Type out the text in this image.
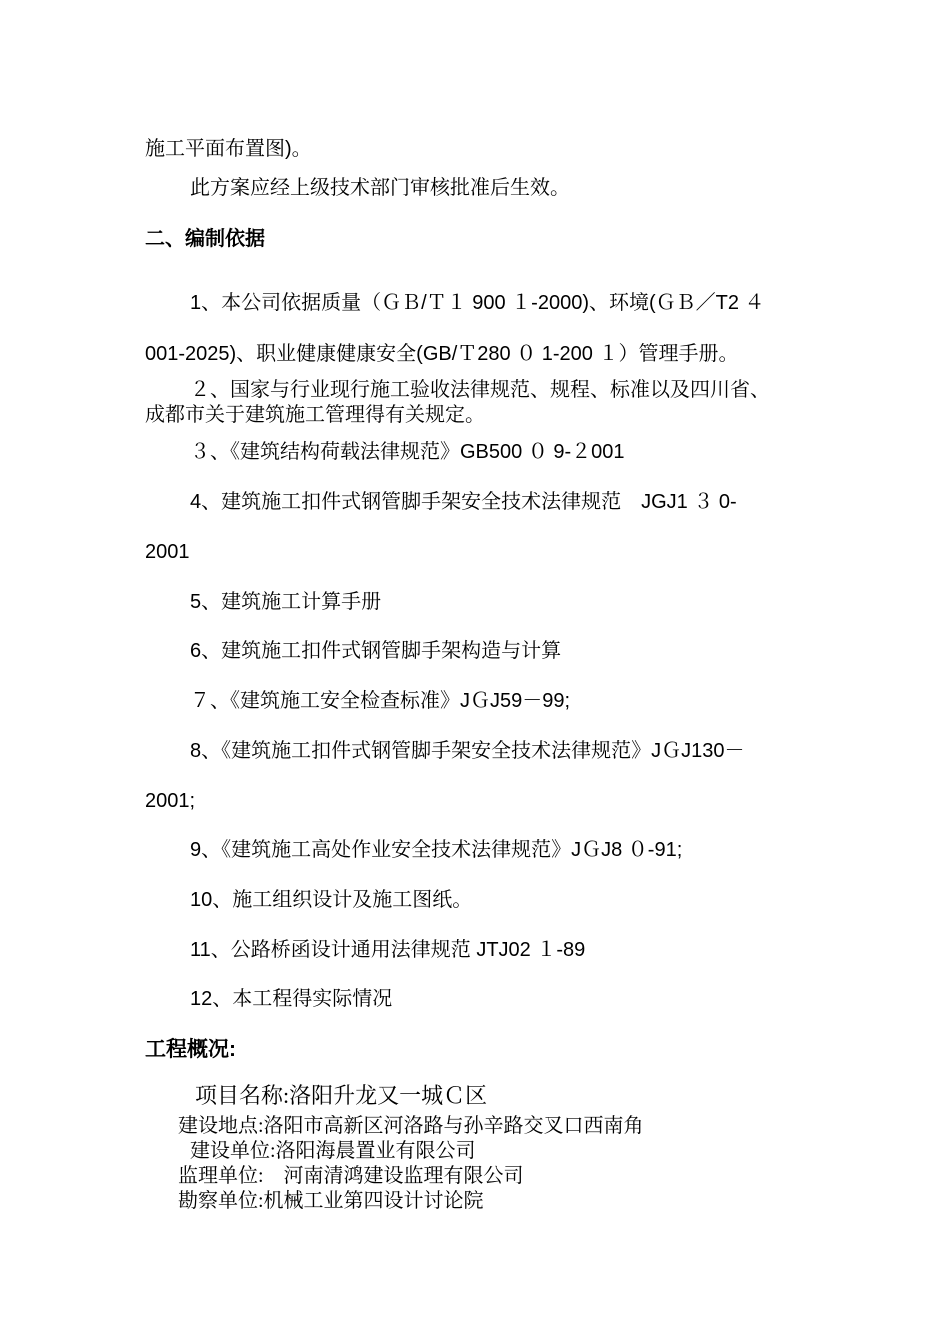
施工平面布置图)。
此方案应经上级技术部门审核批准后生效。
二、编制依据
1、本公司依据质量（ＧＢ/Ｔ１ 900 １-2000)、环境(ＧＢ／T2 ４
001-2025)、职业健康健康安全(GB/Ｔ280 ０ 1-200 １）管理手册。
２、国家与行业现行施工验收法律规范、规程、标准以及四川省、
成都市关于建筑施工管理得有关规定。
３、《建筑结构荷载法律规范》GB500 ０ 9-２001
4、建筑施工扣件式钢管脚手架安全技术法律规范　JGJ1 ３ 0-
2001
5、建筑施工计算手册
6、建筑施工扣件式钢管脚手架构造与计算
７、《建筑施工安全检查标准》JＧJ59－99;
8、《建筑施工扣件式钢管脚手架安全技术法律规范》JＧJ130－
2001;
9、《建筑施工高处作业安全技术法律规范》JＧJ8 ０-91;
10、施工组织设计及施工图纸。
11、公路桥函设计通用法律规范 JTJ02 １-89
12、本工程得实际情况
工程概况:
项目名称:洛阳升龙又一城Ｃ区
建设地点:洛阳市高新区河洛路与孙辛路交叉口西南角
建设单位:洛阳海晨置业有限公司
监理单位:　河南清鸿建设监理有限公司
勘察单位:机械工业第四设计讨论院
